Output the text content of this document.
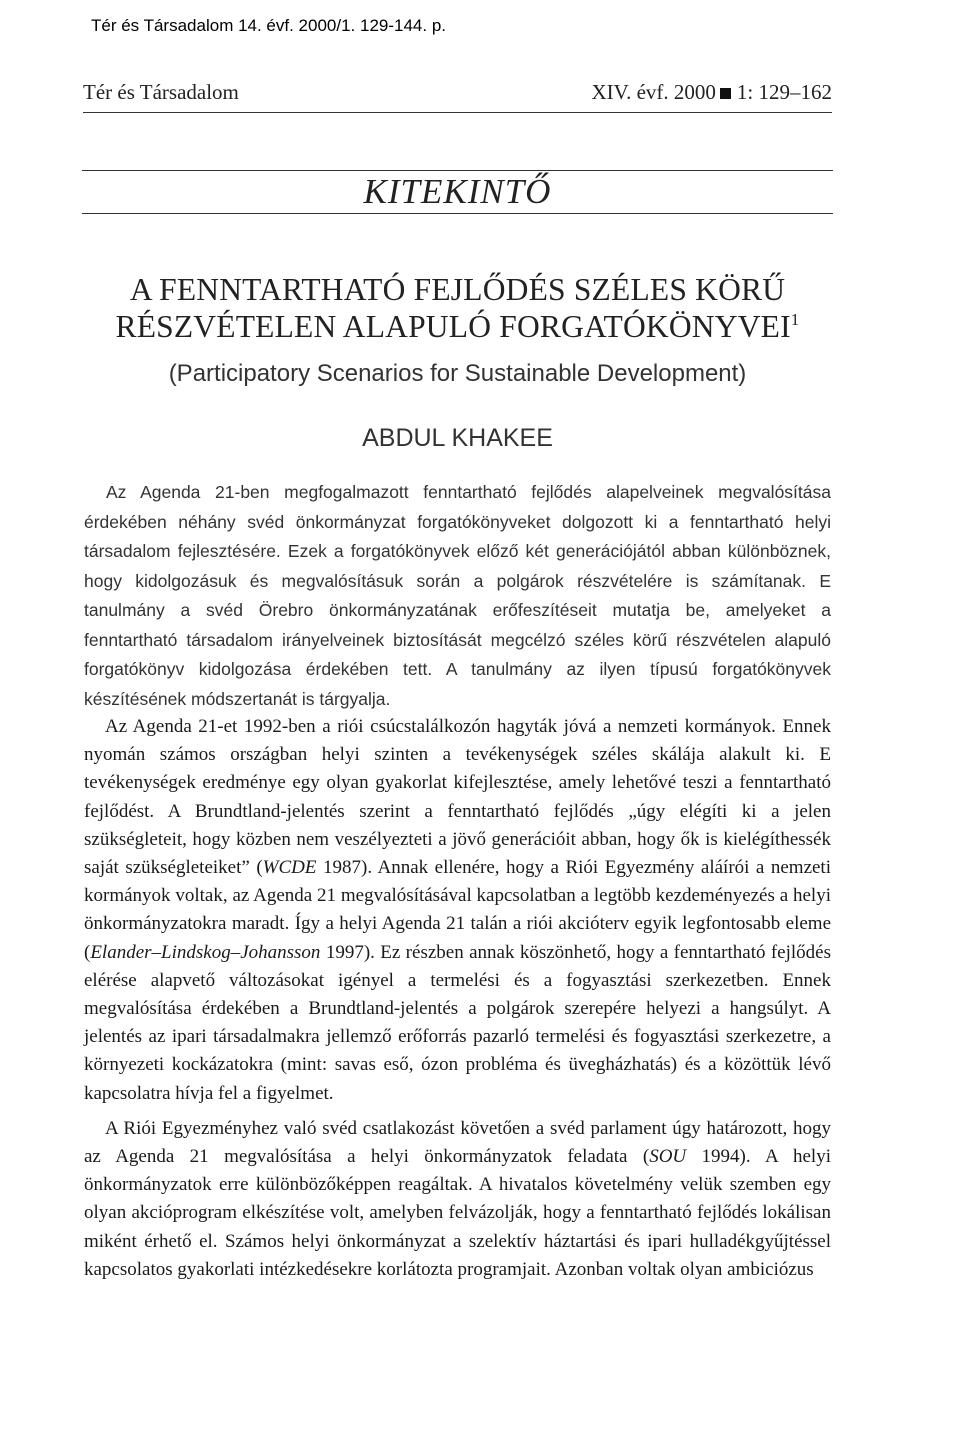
Tér és Társadalom 14. évf. 2000/1. 129-144. p.
Tér és Társadalom	XIV. évf. 2000 1: 129–162
KITEKINTŐ
A FENNTARTHATÓ FEJLŐDÉS SZÉLES KÖRŰ
RÉSZVÉTELEN ALAPULÓ FORGATÓKÖNYVEI$^1$
(Participatory Scenarios for Sustainable Development)
ABDUL KHAKEE

Az Agenda 21-ben megfogalmazott fenntartható fejlődés alapelveinek megvalósítása érdekében néhány svéd önkormányzat forgatókönyveket dolgozott ki a fenntartható helyi társadalom fejlesztésére. Ezek a forgatókönyvek előző két generációjától abban különböznek, hogy kidolgozásuk és megvalósításuk során a polgárok részvételére is számítanak. E tanulmány a svéd Örebro önkormányzatának erőfeszítéseit mutatja be, amelyeket a fenntartható társadalom irányelveinek biztosítását megcélzó széles körű részvételen alapuló forgatókönyv kidolgozása érdekében tett. A tanulmány az ilyen típusú forgatókönyvek készítésének módszertanát is tárgyalja.

Az Agenda 21-et 1992-ben a riói csúcstalálkozón hagyták jóvá a nemzeti kormányok. Ennek nyomán számos országban helyi szinten a tevékenységek széles skálája alakult ki. E tevékenységek eredménye egy olyan gyakorlat kifejlesztése, amely lehetővé teszi a fenntartható fejlődést. A Brundtland-jelentés szerint a fenntartható fejlődés „úgy elégíti ki a jelen szükségleteit, hogy közben nem veszélyezteti a jövő generációit abban, hogy ők is kielégíthessék saját szükségleteiket” (WCDE 1987). Annak ellenére, hogy a Riói Egyezmény aláírói a nemzeti kormányok voltak, az Agenda 21 megvalósításával kapcsolatban a legtöbb kezdeményezés a helyi önkormányzatokra maradt. Így a helyi Agenda 21 talán a riói akcióterv egyik legfontosabb eleme (Elander–Lindskog–Johansson 1997). Ez részben annak köszönhető, hogy a fenntartható fejlődés elérése alapvető változásokat igényel a termelési és a fogyasztási szerkezetben. Ennek megvalósítása érdekében a Brundtland-jelentés a polgárok szerepére helyezi a hangsúlyt. A jelentés az ipari társadalmakra jellemző erőforrás pazarló termelési és fogyasztási szerkezetre, a környezeti kockázatokra (mint: savas eső, ózon probléma és üvegházhatás) és a közöttük lévő kapcsolatra hívja fel a figyelmet.

A Riói Egyezményhez való svéd csatlakozást követően a svéd parlament úgy határozott, hogy az Agenda 21 megvalósítása a helyi önkormányzatok feladata (SOU 1994). A helyi önkormányzatok erre különbözőképpen reagáltak. A hivatalos követelmény velük szemben egy olyan akcióprogram elkészítése volt, amelyben felvázolják, hogy a fenntartható fejlődés lokálisan miként érhető el. Számos helyi önkormányzat a szelektív háztartási és ipari hulladékgyűjtéssel kapcsolatos gyakorlati intézkedésekre korlátozta programjait. Azonban voltak olyan ambiciózus
